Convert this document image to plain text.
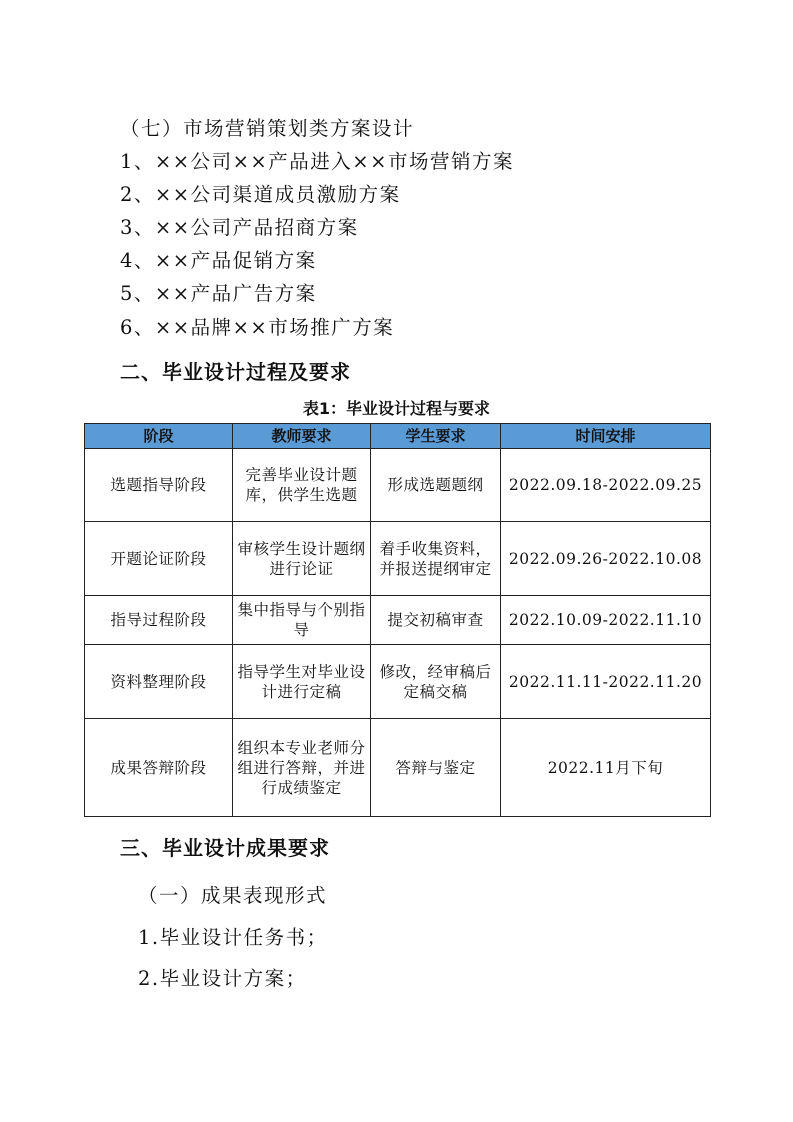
（七）市场营销策划类方案设计
1、××公司××产品进入××市场营销方案
2、××公司渠道成员激励方案
3、××公司产品招商方案
4、××产品促销方案
5、××产品广告方案
6、××品牌××市场推广方案
二、毕业设计过程及要求
表1：毕业设计过程与要求
阶段	教师要求	学生要求	时间安排
选题指导阶段	完善毕业设计题库，供学生选题	形成选题题纲	2022.09.18-2022.09.25
开题论证阶段	审核学生设计题纲进行论证	着手收集资料，并报送提纲审定	2022.09.26-2022.10.08
指导过程阶段	集中指导与个别指导	提交初稿审查	2022.10.09-2022.11.10
资料整理阶段	指导学生对毕业设计进行定稿	修改，经审稿后定稿交稿	2022.11.11-2022.11.20
成果答辩阶段	组织本专业老师分组进行答辩，并进行成绩鉴定	答辩与鉴定	2022.11月下旬
三、毕业设计成果要求
（一）成果表现形式
1.毕业设计任务书；
2.毕业设计方案；
